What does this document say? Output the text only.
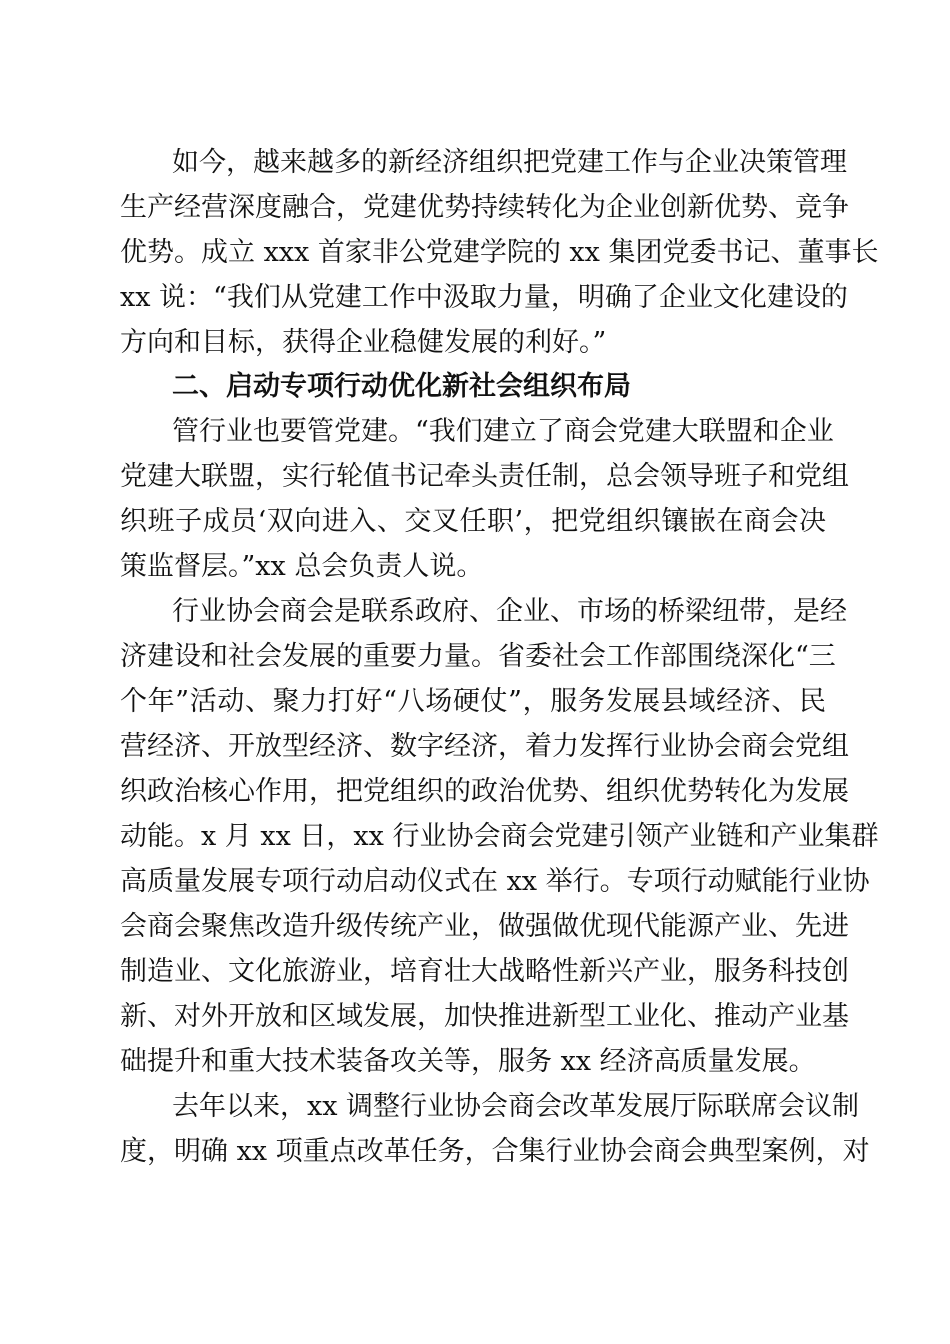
如今，越来越多的新经济组织把党建工作与企业决策管理
生产经营深度融合，党建优势持续转化为企业创新优势、竞争
优势。成立 xxx 首家非公党建学院的 xx 集团党委书记、董事长
xx 说：“我们从党建工作中汲取力量，明确了企业文化建设的
方向和目标，获得企业稳健发展的利好。”
二、启动专项行动优化新社会组织布局
管行业也要管党建。“我们建立了商会党建大联盟和企业
党建大联盟，实行轮值书记牵头责任制，总会领导班子和党组
织班子成员‘双向进入、交叉任职’，把党组织镶嵌在商会决
策监督层。”xx 总会负责人说。
行业协会商会是联系政府、企业、市场的桥梁纽带，是经
济建设和社会发展的重要力量。省委社会工作部围绕深化“三
个年”活动、聚力打好“八场硬仗”，服务发展县域经济、民
营经济、开放型经济、数字经济，着力发挥行业协会商会党组
织政治核心作用，把党组织的政治优势、组织优势转化为发展
动能。x 月 xx 日，xx 行业协会商会党建引领产业链和产业集群
高质量发展专项行动启动仪式在 xx 举行。专项行动赋能行业协
会商会聚焦改造升级传统产业，做强做优现代能源产业、先进
制造业、文化旅游业，培育壮大战略性新兴产业，服务科技创
新、对外开放和区域发展，加快推进新型工业化、推动产业基
础提升和重大技术装备攻关等，服务 xx 经济高质量发展。
去年以来，xx 调整行业协会商会改革发展厅际联席会议制
度，明确 xx 项重点改革任务，合集行业协会商会典型案例，对
